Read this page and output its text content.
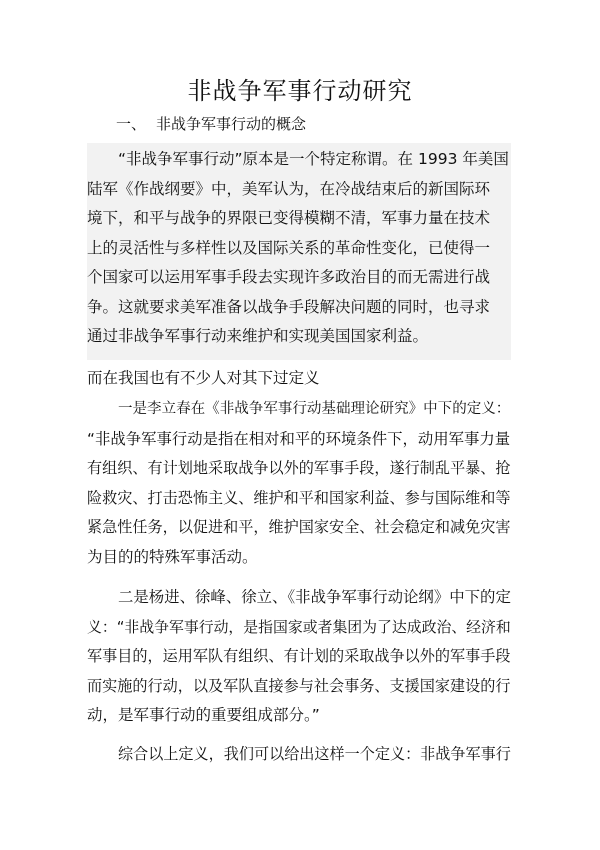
非战争军事行动研究
一、 非战争军事行动的概念
“非战争军事行动”原本是一个特定称谓。在 1993 年美国
陆军《作战纲要》中，美军认为，在冷战结束后的新国际环
境下，和平与战争的界限已变得模糊不清，军事力量在技术
上的灵活性与多样性以及国际关系的革命性变化，已使得一
个国家可以运用军事手段去实现许多政治目的而无需进行战
争。这就要求美军准备以战争手段解决问题的同时，也寻求
通过非战争军事行动来维护和实现美国国家利益。
而在我国也有不少人对其下过定义
一是李立春在《非战争军事行动基础理论研究》中下的定义：
“非战争军事行动是指在相对和平的环境条件下，动用军事力量
有组织、有计划地采取战争以外的军事手段，遂行制乱平暴、抢
险救灾、打击恐怖主义、维护和平和国家利益、参与国际维和等
紧急性任务，以促进和平，维护国家安全、社会稳定和减免灾害
为目的的特殊军事活动。
二是杨进、徐峰、徐立、《非战争军事行动论纲》中下的定
义：“非战争军事行动，是指国家或者集团为了达成政治、经济和
军事目的，运用军队有组织、有计划的采取战争以外的军事手段
而实施的行动，以及军队直接参与社会事务、支援国家建设的行
动，是军事行动的重要组成部分。”
综合以上定义，我们可以给出这样一个定义：非战争军事行
